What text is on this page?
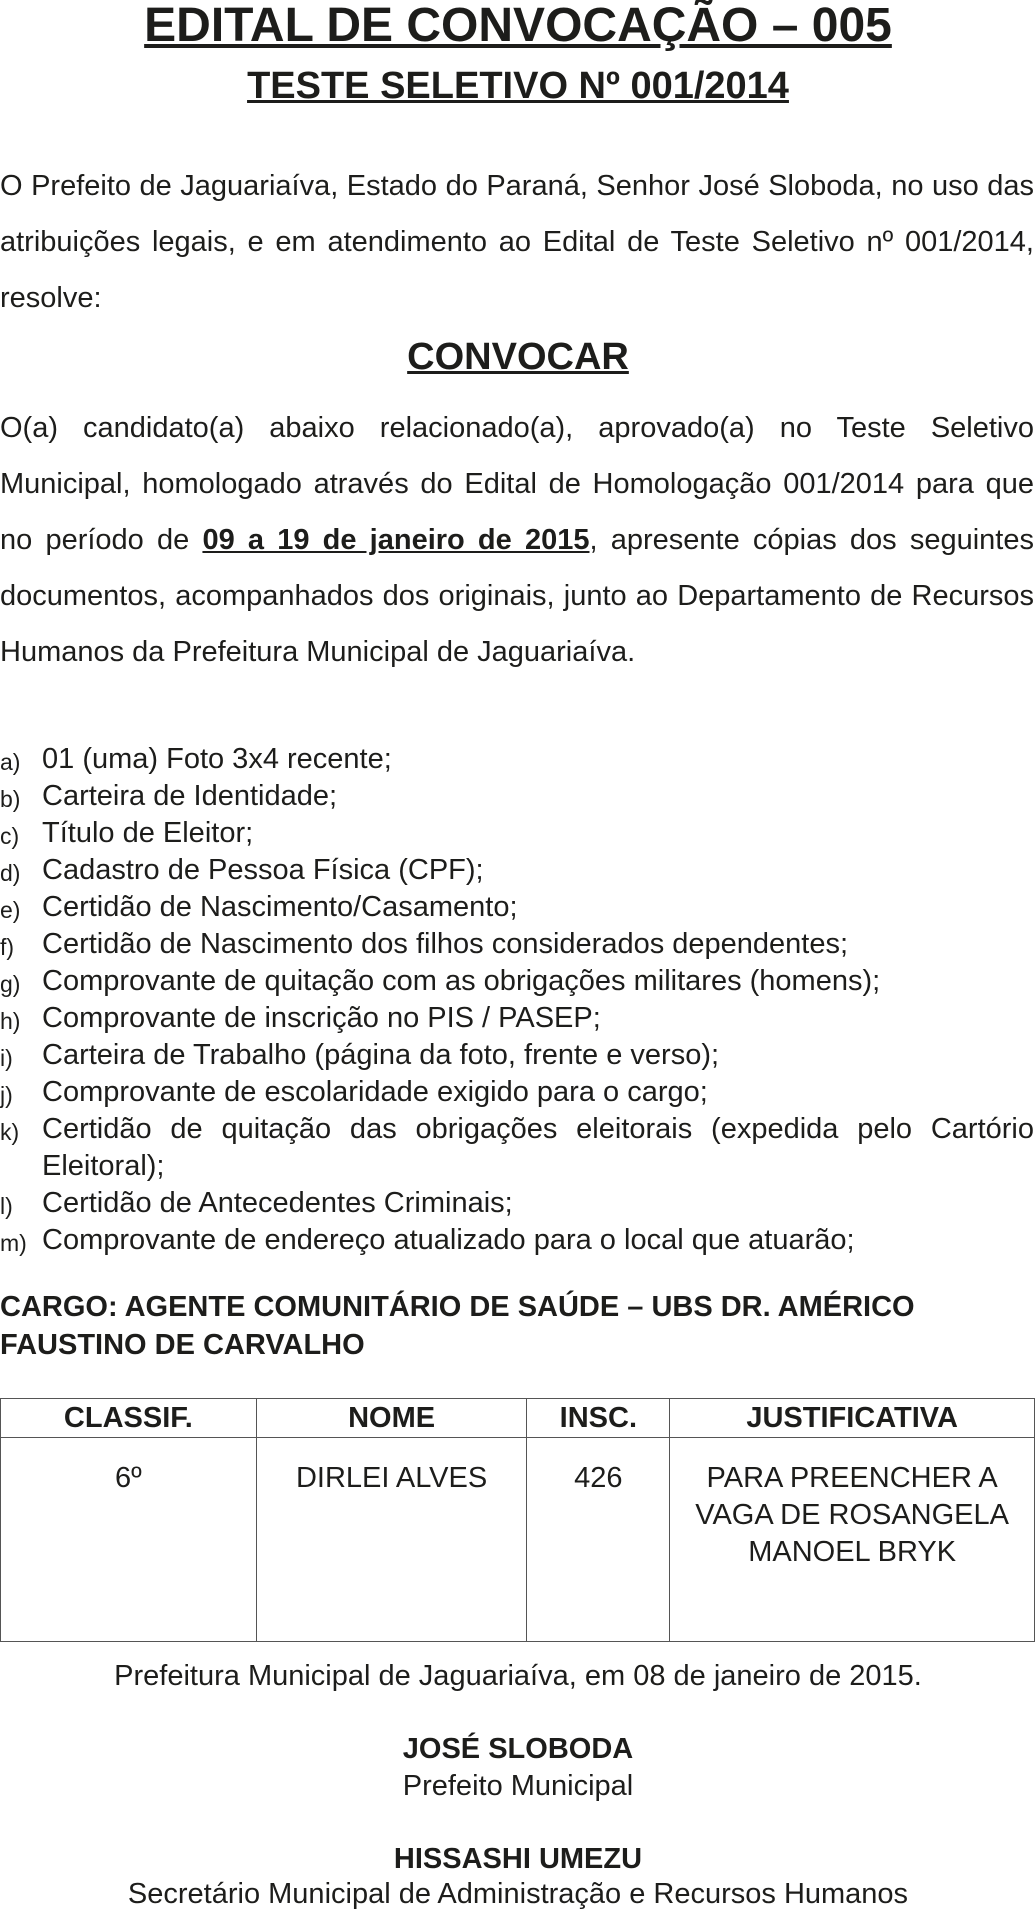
EDITAL DE CONVOCAÇÃO – 005
TESTE SELETIVO Nº 001/2014

O Prefeito de Jaguariaíva, Estado do Paraná, Senhor José Sloboda, no uso das atribuições legais, e em atendimento ao Edital de Teste Seletivo nº 001/2014, resolve:

CONVOCAR

O(a) candidato(a) abaixo relacionado(a), aprovado(a) no Teste Seletivo Municipal, homologado através do Edital de Homologação 001/2014 para que no período de 09 a 19 de janeiro de 2015, apresente cópias dos seguintes documentos, acompanhados dos originais, junto ao Departamento de Recursos Humanos da Prefeitura Municipal de Jaguariaíva.

a) 01 (uma) Foto 3x4 recente;
b) Carteira de Identidade;
c) Título de Eleitor;
d) Cadastro de Pessoa Física (CPF);
e) Certidão de Nascimento/Casamento;
f) Certidão de Nascimento dos filhos considerados dependentes;
g) Comprovante de quitação com as obrigações militares (homens);
h) Comprovante de inscrição no PIS / PASEP;
i) Carteira de Trabalho (página da foto, frente e verso);
j) Comprovante de escolaridade exigido para o cargo;
k) Certidão de quitação das obrigações eleitorais (expedida pelo Cartório Eleitoral);
l) Certidão de Antecedentes Criminais;
m) Comprovante de endereço atualizado para o local que atuarão;

CARGO: AGENTE COMUNITÁRIO DE SAÚDE – UBS DR. AMÉRICO FAUSTINO DE CARVALHO

CLASSIF.	NOME	INSC.	JUSTIFICATIVA
6º	DIRLEI ALVES	426	PARA PREENCHER A VAGA DE ROSANGELA MANOEL BRYK
Prefeitura Municipal de Jaguariaíva, em 08 de janeiro de 2015.
JOSÉ SLOBODA
Prefeito Municipal
HISSASHI UMEZU
Secretário Municipal de Administração e Recursos Humanos
